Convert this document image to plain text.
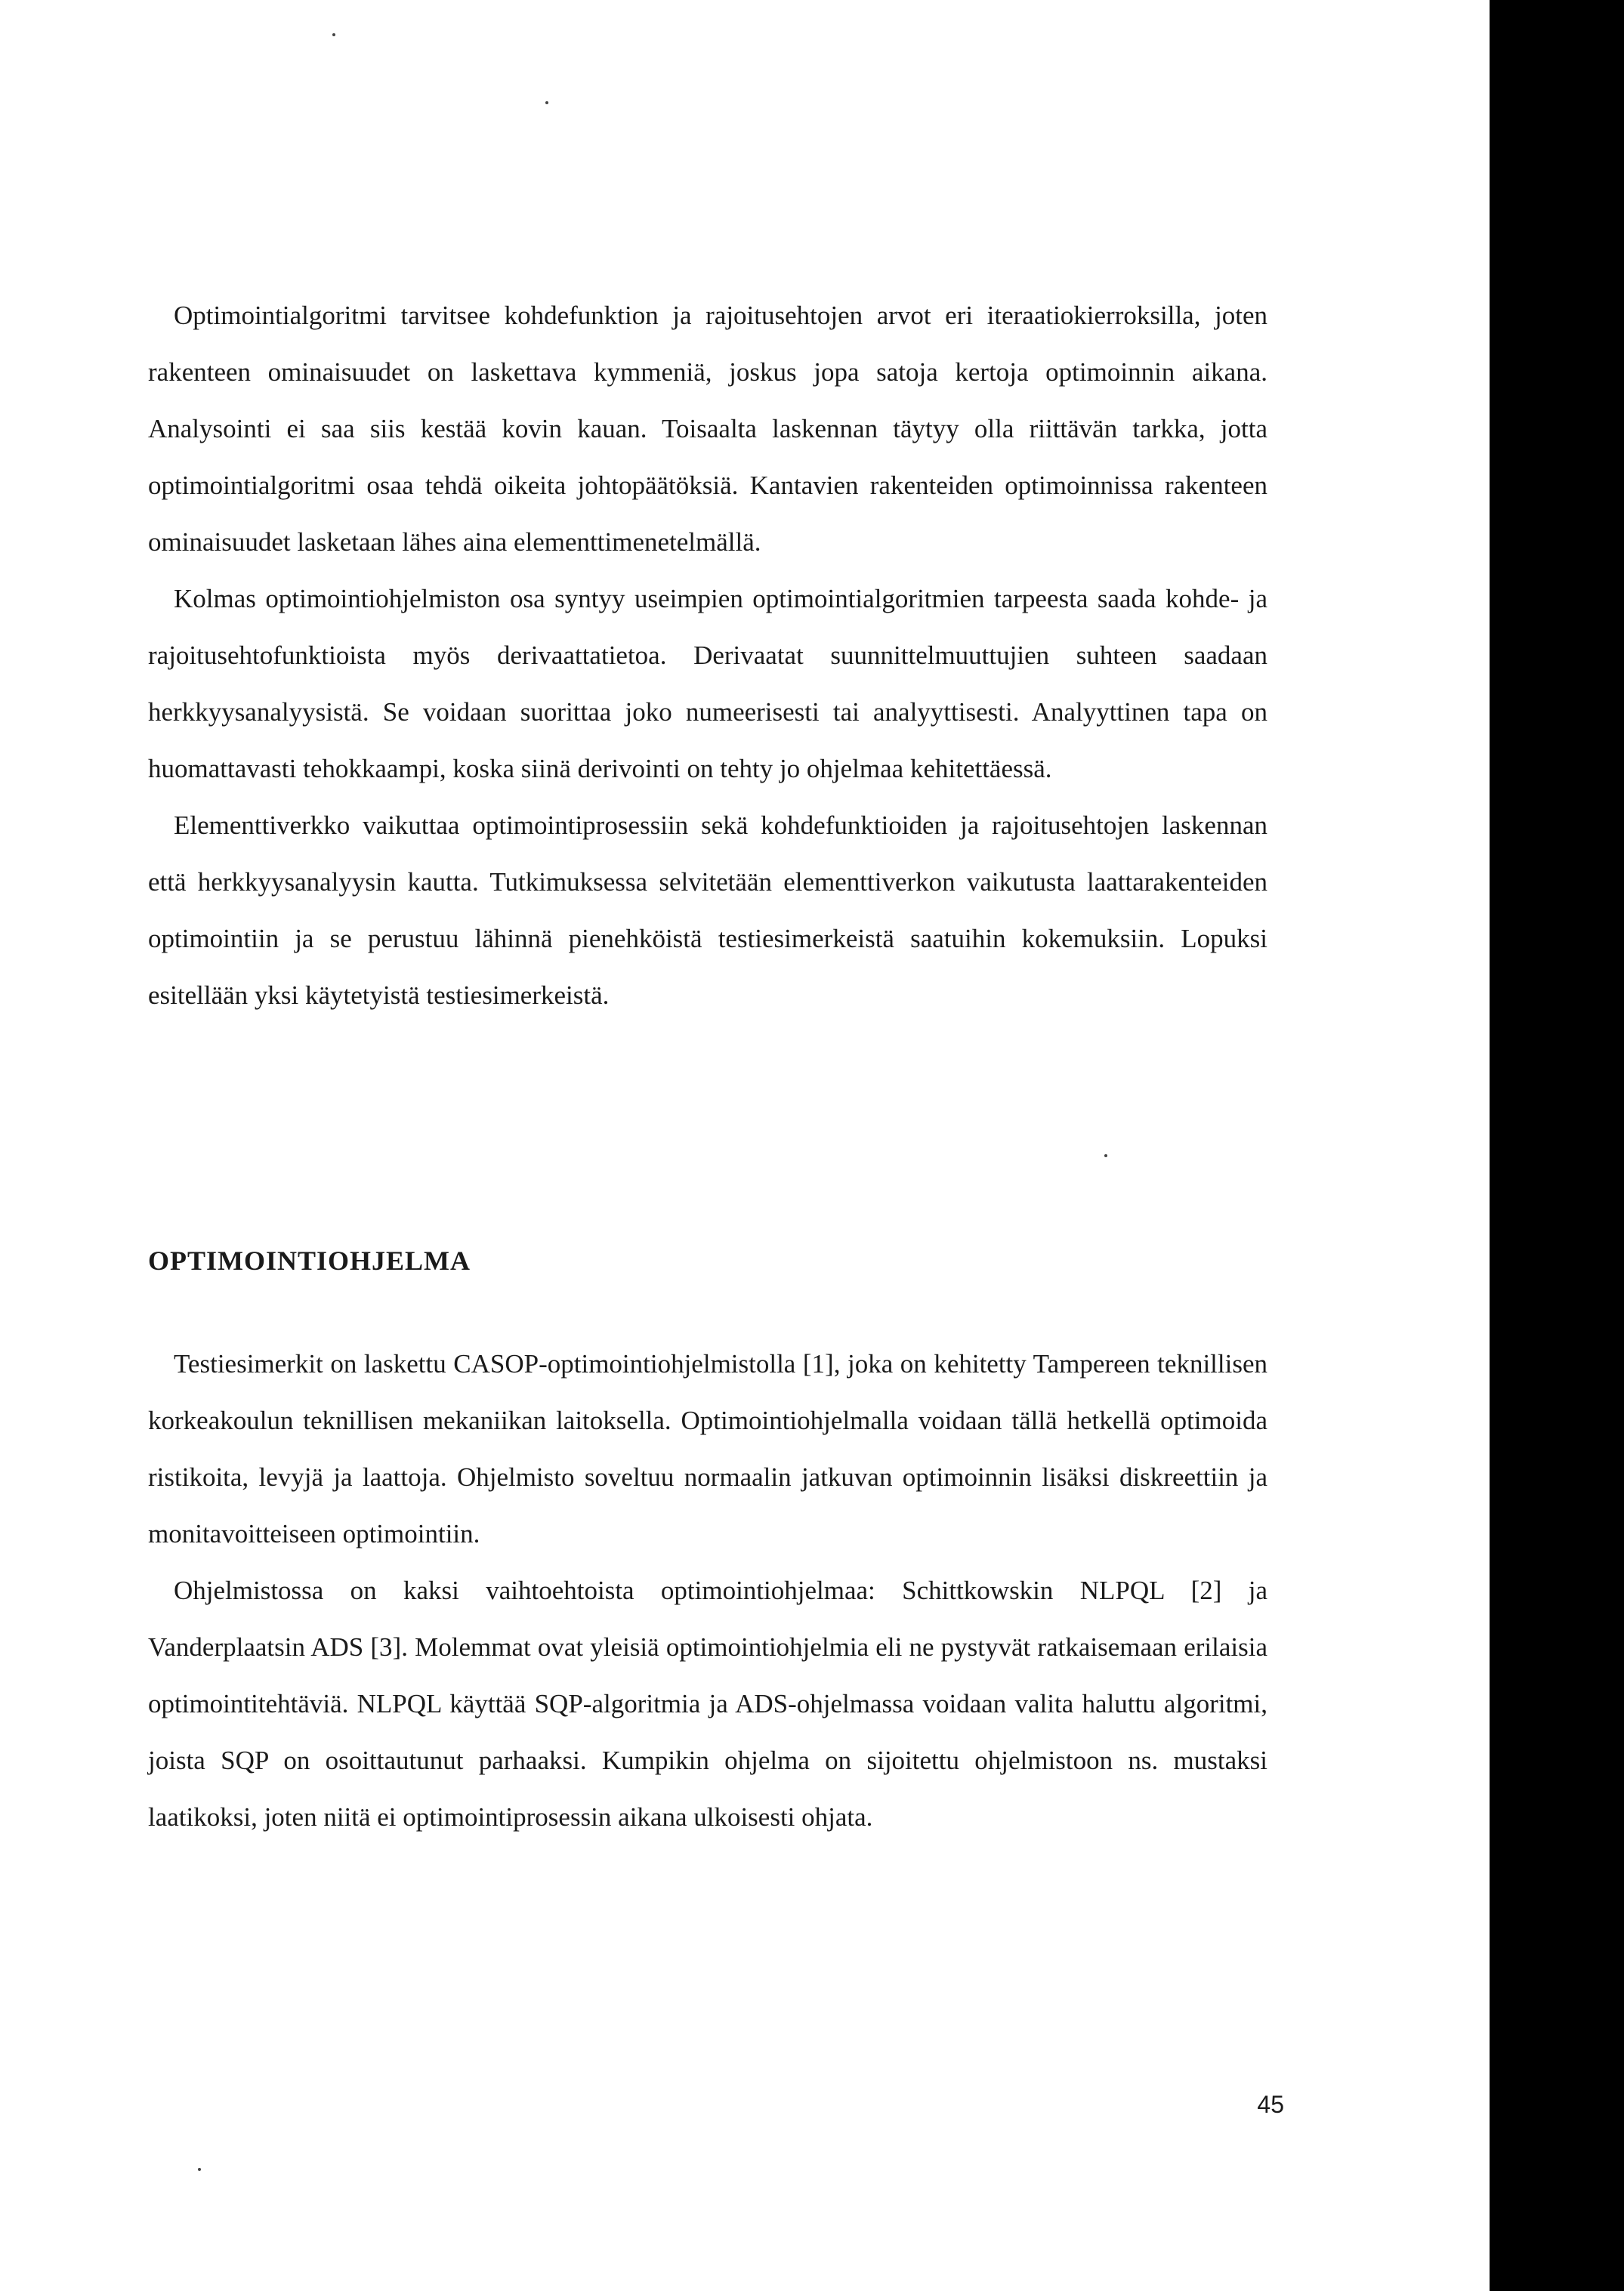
Optimointialgoritmi tarvitsee kohdefunktion ja rajoitusehtojen arvot eri iteraatiokierroksilla, joten rakenteen ominaisuudet on laskettava kymmeniä, joskus jopa satoja kertoja optimoinnin aikana. Analysointi ei saa siis kestää kovin kauan. Toisaalta laskennan täytyy olla riittävän tarkka, jotta optimointialgoritmi osaa tehdä oikeita johtopäätöksiä. Kantavien rakenteiden optimoinnissa rakenteen ominaisuudet lasketaan lähes aina elementtimenetelmällä.

Kolmas optimointiohjelmiston osa syntyy useimpien optimointialgoritmien tarpeesta saada kohde- ja rajoitusehtofunktioista myös derivaattatietoa. Derivaatat suunnittelmuuttujien suhteen saadaan herkkyysanalyysistä. Se voidaan suorittaa joko numeerisesti tai analyyttisesti. Analyyttinen tapa on huomattavasti tehokkaampi, koska siinä derivointi on tehty jo ohjelmaa kehitettäessä.

Elementtiverkko vaikuttaa optimointiprosessiin sekä kohdefunktioiden ja rajoitusehtojen laskennan että herkkyysanalyysin kautta. Tutkimuksessa selvitetään elementtiverkon vaikutusta laattarakenteiden optimointiin ja se perustuu lähinnä pienehköistä testiesimerkeistä saatuihin kokemuksiin. Lopuksi esitellään yksi käytetyistä testiesimerkeistä.

OPTIMOINTIOHJELMA

Testiesimerkit on laskettu CASOP-optimointiohjelmistolla [1], joka on kehitetty Tampereen teknillisen korkeakoulun teknillisen mekaniikan laitoksella. Optimointiohjelmalla voidaan tällä hetkellä optimoida ristikoita, levyjä ja laattoja. Ohjelmisto soveltuu normaalin jatkuvan optimoinnin lisäksi diskreettiin ja monitavoitteiseen optimointiin.

Ohjelmistossa on kaksi vaihtoehtoista optimointiohjelmaa: Schittkowskin NLPQL [2] ja Vanderplaatsin ADS [3]. Molemmat ovat yleisiä optimointiohjelmia eli ne pystyvät ratkaisemaan erilaisia optimointitehtäviä. NLPQL käyttää SQP-algoritmia ja ADS-ohjelmassa voidaan valita haluttu algoritmi, joista SQP on osoittautunut parhaaksi. Kumpikin ohjelma on sijoitettu ohjelmistoon ns. mustaksi laatikoksi, joten niitä ei optimointiprosessin aikana ulkoisesti ohjata.

45
